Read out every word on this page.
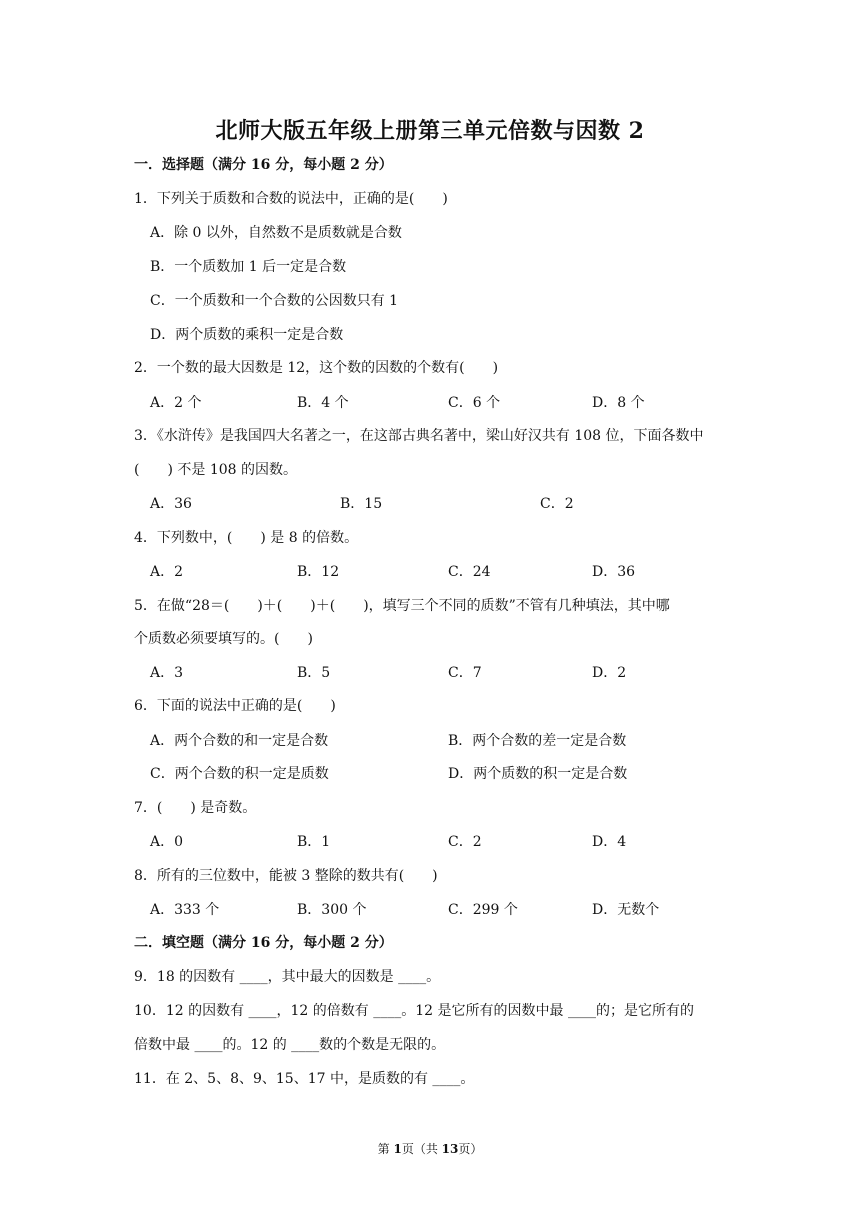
北师大版五年级上册第三单元倍数与因数 2
一．选择题（满分 16 分，每小题 2 分）
1．下列关于质数和合数的说法中，正确的是(　　)
A．除 0 以外，自然数不是质数就是合数
B．一个质数加 1 后一定是合数
C．一个质数和一个合数的公因数只有 1
D．两个质数的乘积一定是合数
2．一个数的最大因数是 12，这个数的因数的个数有(　　)
A．2 个	B．4 个	C．6 个	D．8 个
3．《水浒传》是我国四大名著之一，在这部古典名著中，梁山好汉共有 108 位，下面各数中
(　　) 不是 108 的因数。
A．36	B．15	C．2
4．下列数中，(　　) 是 8 的倍数。
A．2	B．12	C．24	D．36
5．在做“28＝(　　)＋(　　)＋(　　)，填写三个不同的质数”不管有几种填法，其中哪
个质数必须要填写的。(　　)
A．3	B．5	C．7	D．2
6．下面的说法中正确的是(　　)
A．两个合数的和一定是合数	B．两个合数的差一定是合数
C．两个合数的积一定是质数	D．两个质数的积一定是合数
7．(　　) 是奇数。
A．0	B．1	C．2	D．4
8．所有的三位数中，能被 3 整除的数共有(　　)
A．333 个	B．300 个	C．299 个	D．无数个
二．填空题（满分 16 分，每小题 2 分）
9．18 的因数有 ____，其中最大的因数是 ____。
10．12 的因数有 ____，12 的倍数有 ____。12 是它所有的因数中最 ____的；是它所有的
倍数中最 ____的。12 的 ____数的个数是无限的。
11．在 2、5、8、9、15、17 中，是质数的有 ____。
第 1页（共 13页）
